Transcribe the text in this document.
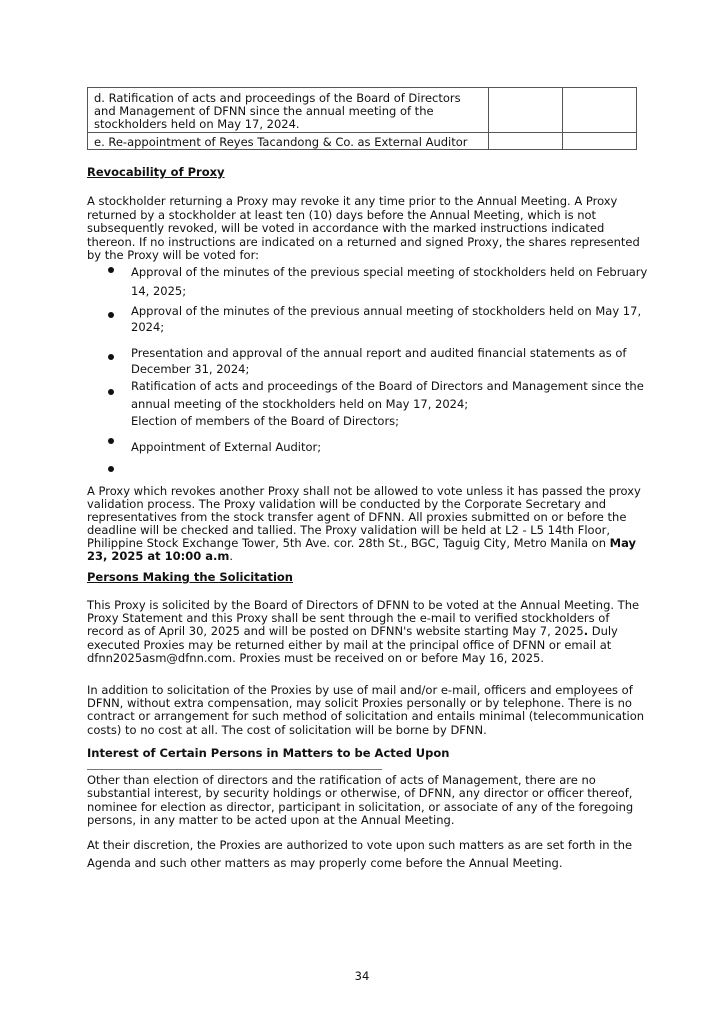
d. Ratification of acts and proceedings of the Board of Directors and Management of DFNN since the annual meeting of the stockholders held on May 17, 2024.		
e. Re-appointment of Reyes Tacandong & Co. as External Auditor		
Revocability of Proxy
A stockholder returning a Proxy may revoke it any time prior to the Annual Meeting. A Proxy returned by a stockholder at least ten (10) days before the Annual Meeting, which is not subsequently revoked, will be voted in accordance with the marked instructions indicated thereon. If no instructions are indicated on a returned and signed Proxy, the shares represented by the Proxy will be voted for:
Approval of the minutes of the previous special meeting of stockholders held on February 14, 2025;
Approval of the minutes of the previous annual meeting of stockholders held on May 17, 2024;
Presentation and approval of the annual report and audited financial statements as of December 31, 2024;
Ratification of acts and proceedings of the Board of Directors and Management since the annual meeting of the stockholders held on May 17, 2024;
Election of members of the Board of Directors;
Appointment of External Auditor;
A Proxy which revokes another Proxy shall not be allowed to vote unless it has passed the proxy validation process. The Proxy validation will be conducted by the Corporate Secretary and representatives from the stock transfer agent of DFNN. All proxies submitted on or before the deadline will be checked and tallied. The Proxy validation will be held at L2 - L5 14th Floor, Philippine Stock Exchange Tower, 5th Ave. cor. 28th St., BGC, Taguig City, Metro Manila on May 23, 2025 at 10:00 a.m.
Persons Making the Solicitation
This Proxy is solicited by the Board of Directors of DFNN to be voted at the Annual Meeting. The Proxy Statement and this Proxy shall be sent through the e-mail to verified stockholders of record as of April 30, 2025 and will be posted on DFNN's website starting May 7, 2025. Duly executed Proxies may be returned either by mail at the principal office of DFNN or email at dfnn2025asm@dfnn.com. Proxies must be received on or before May 16, 2025.
In addition to solicitation of the Proxies by use of mail and/or e-mail, officers and employees of DFNN, without extra compensation, may solicit Proxies personally or by telephone. There is no contract or arrangement for such method of solicitation and entails minimal (telecommunication costs) to no cost at all. The cost of solicitation will be borne by DFNN.
Interest of Certain Persons in Matters to be Acted Upon
Other than election of directors and the ratification of acts of Management, there are no substantial interest, by security holdings or otherwise, of DFNN, any director or officer thereof, nominee for election as director, participant in solicitation, or associate of any of the foregoing persons, in any matter to be acted upon at the Annual Meeting.
At their discretion, the Proxies are authorized to vote upon such matters as are set forth in the Agenda and such other matters as may properly come before the Annual Meeting.
34
